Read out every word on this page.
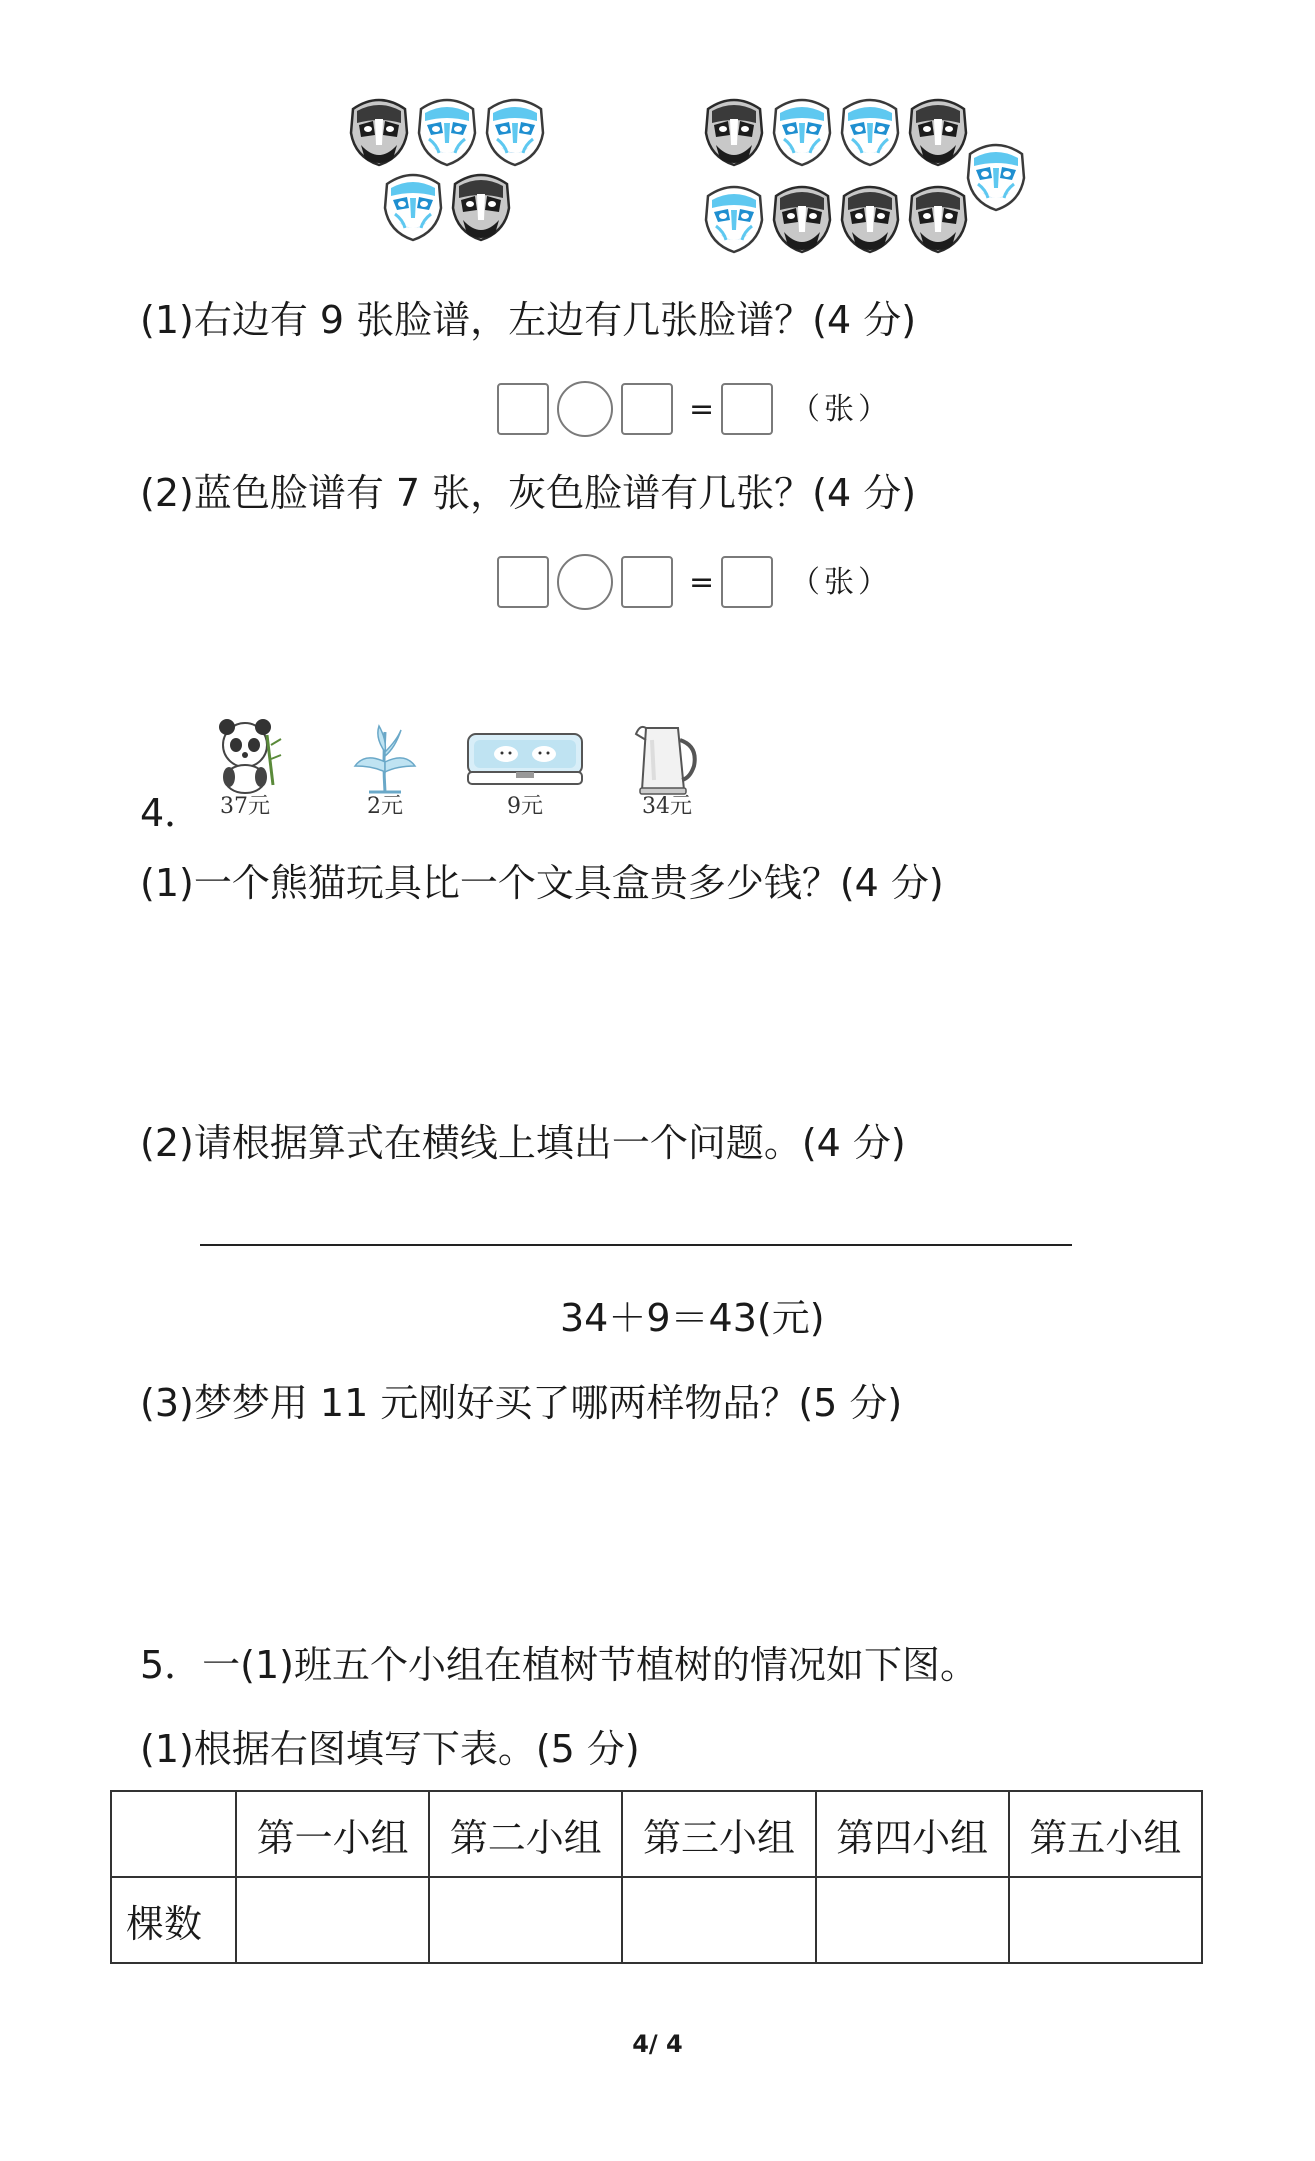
(1)右边有 9 张脸谱，左边有几张脸谱？(4 分)
=	（张）
(2)蓝色脸谱有 7 张，灰色脸谱有几张？(4 分)
=	（张）
4． 37元	2元	9元	34元
(1)一个熊猫玩具比一个文具盒贵多少钱？(4 分)
(2)请根据算式在横线上填出一个问题。(4 分)
34＋9＝43(元)
(3)梦梦用 11 元刚好买了哪两样物品？(5 分)
5．一(1)班五个小组在植树节植树的情况如下图。
(1)根据右图填写下表。(5 分)
	第一小组	第二小组	第三小组	第四小组	第五小组
棵数					
4/ 4
